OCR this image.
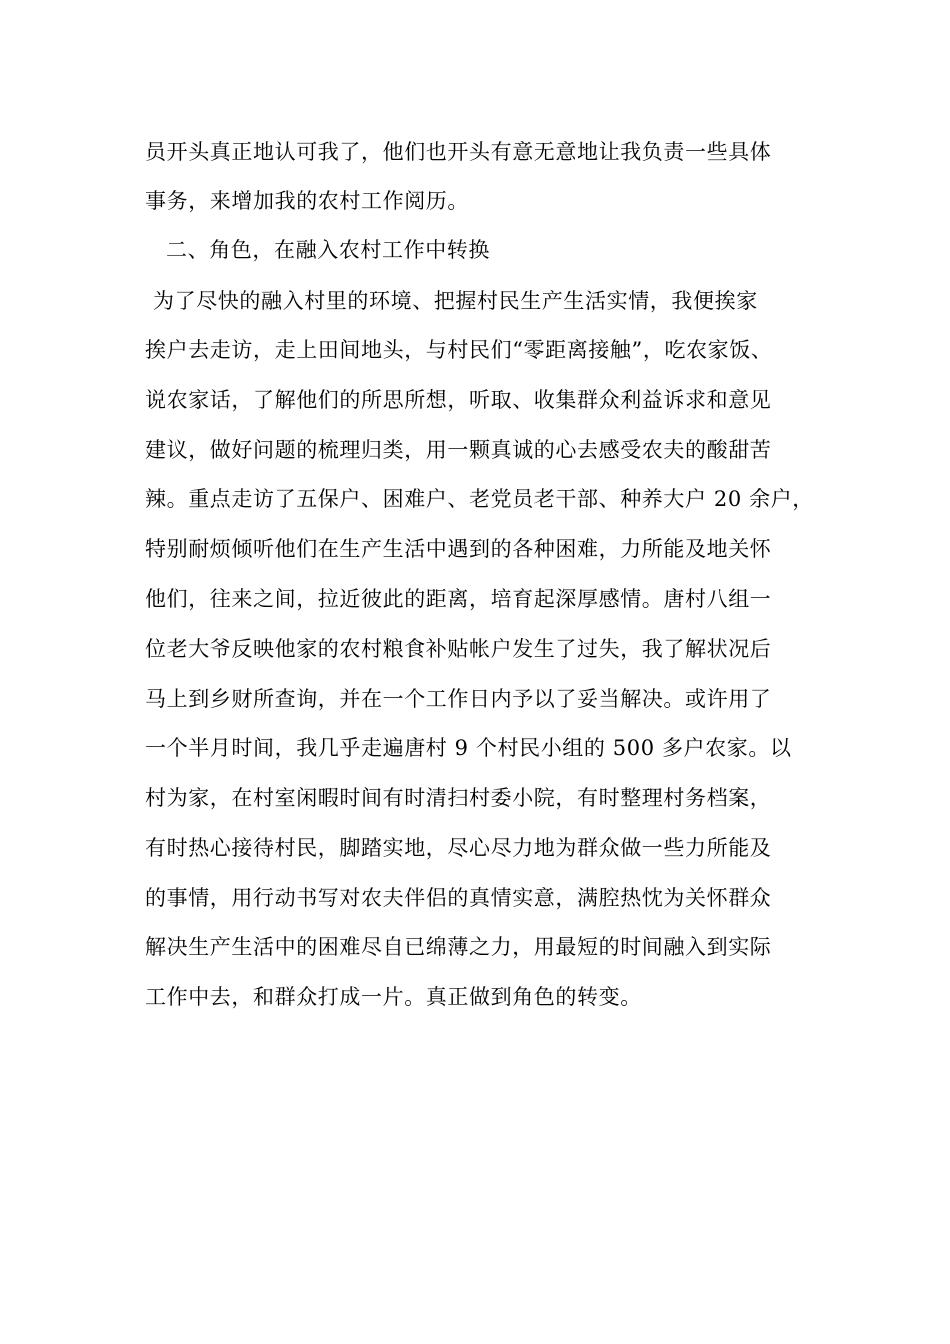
员开头真正地认可我了，他们也开头有意无意地让我负责一些具体
事务，来增加我的农村工作阅历。
二、角色，在融入农村工作中转换
为了尽快的融入村里的环境、把握村民生产生活实情，我便挨家
挨户去走访，走上田间地头，与村民们“零距离接触”，吃农家饭、
说农家话，了解他们的所思所想，听取、收集群众利益诉求和意见
建议，做好问题的梳理归类，用一颗真诚的心去感受农夫的酸甜苦
辣。重点走访了五保户、困难户、老党员老干部、种养大户 20 余户，
特别耐烦倾听他们在生产生活中遇到的各种困难，力所能及地关怀
他们，往来之间，拉近彼此的距离，培育起深厚感情。唐村八组一
位老大爷反映他家的农村粮食补贴帐户发生了过失，我了解状况后
马上到乡财所查询，并在一个工作日内予以了妥当解决。或许用了
一个半月时间，我几乎走遍唐村 9 个村民小组的 500 多户农家。以
村为家，在村室闲暇时间有时清扫村委小院，有时整理村务档案，
有时热心接待村民，脚踏实地，尽心尽力地为群众做一些力所能及
的事情，用行动书写对农夫伴侣的真情实意，满腔热忱为关怀群众
解决生产生活中的困难尽自已绵薄之力，用最短的时间融入到实际
工作中去，和群众打成一片。真正做到角色的转变。
